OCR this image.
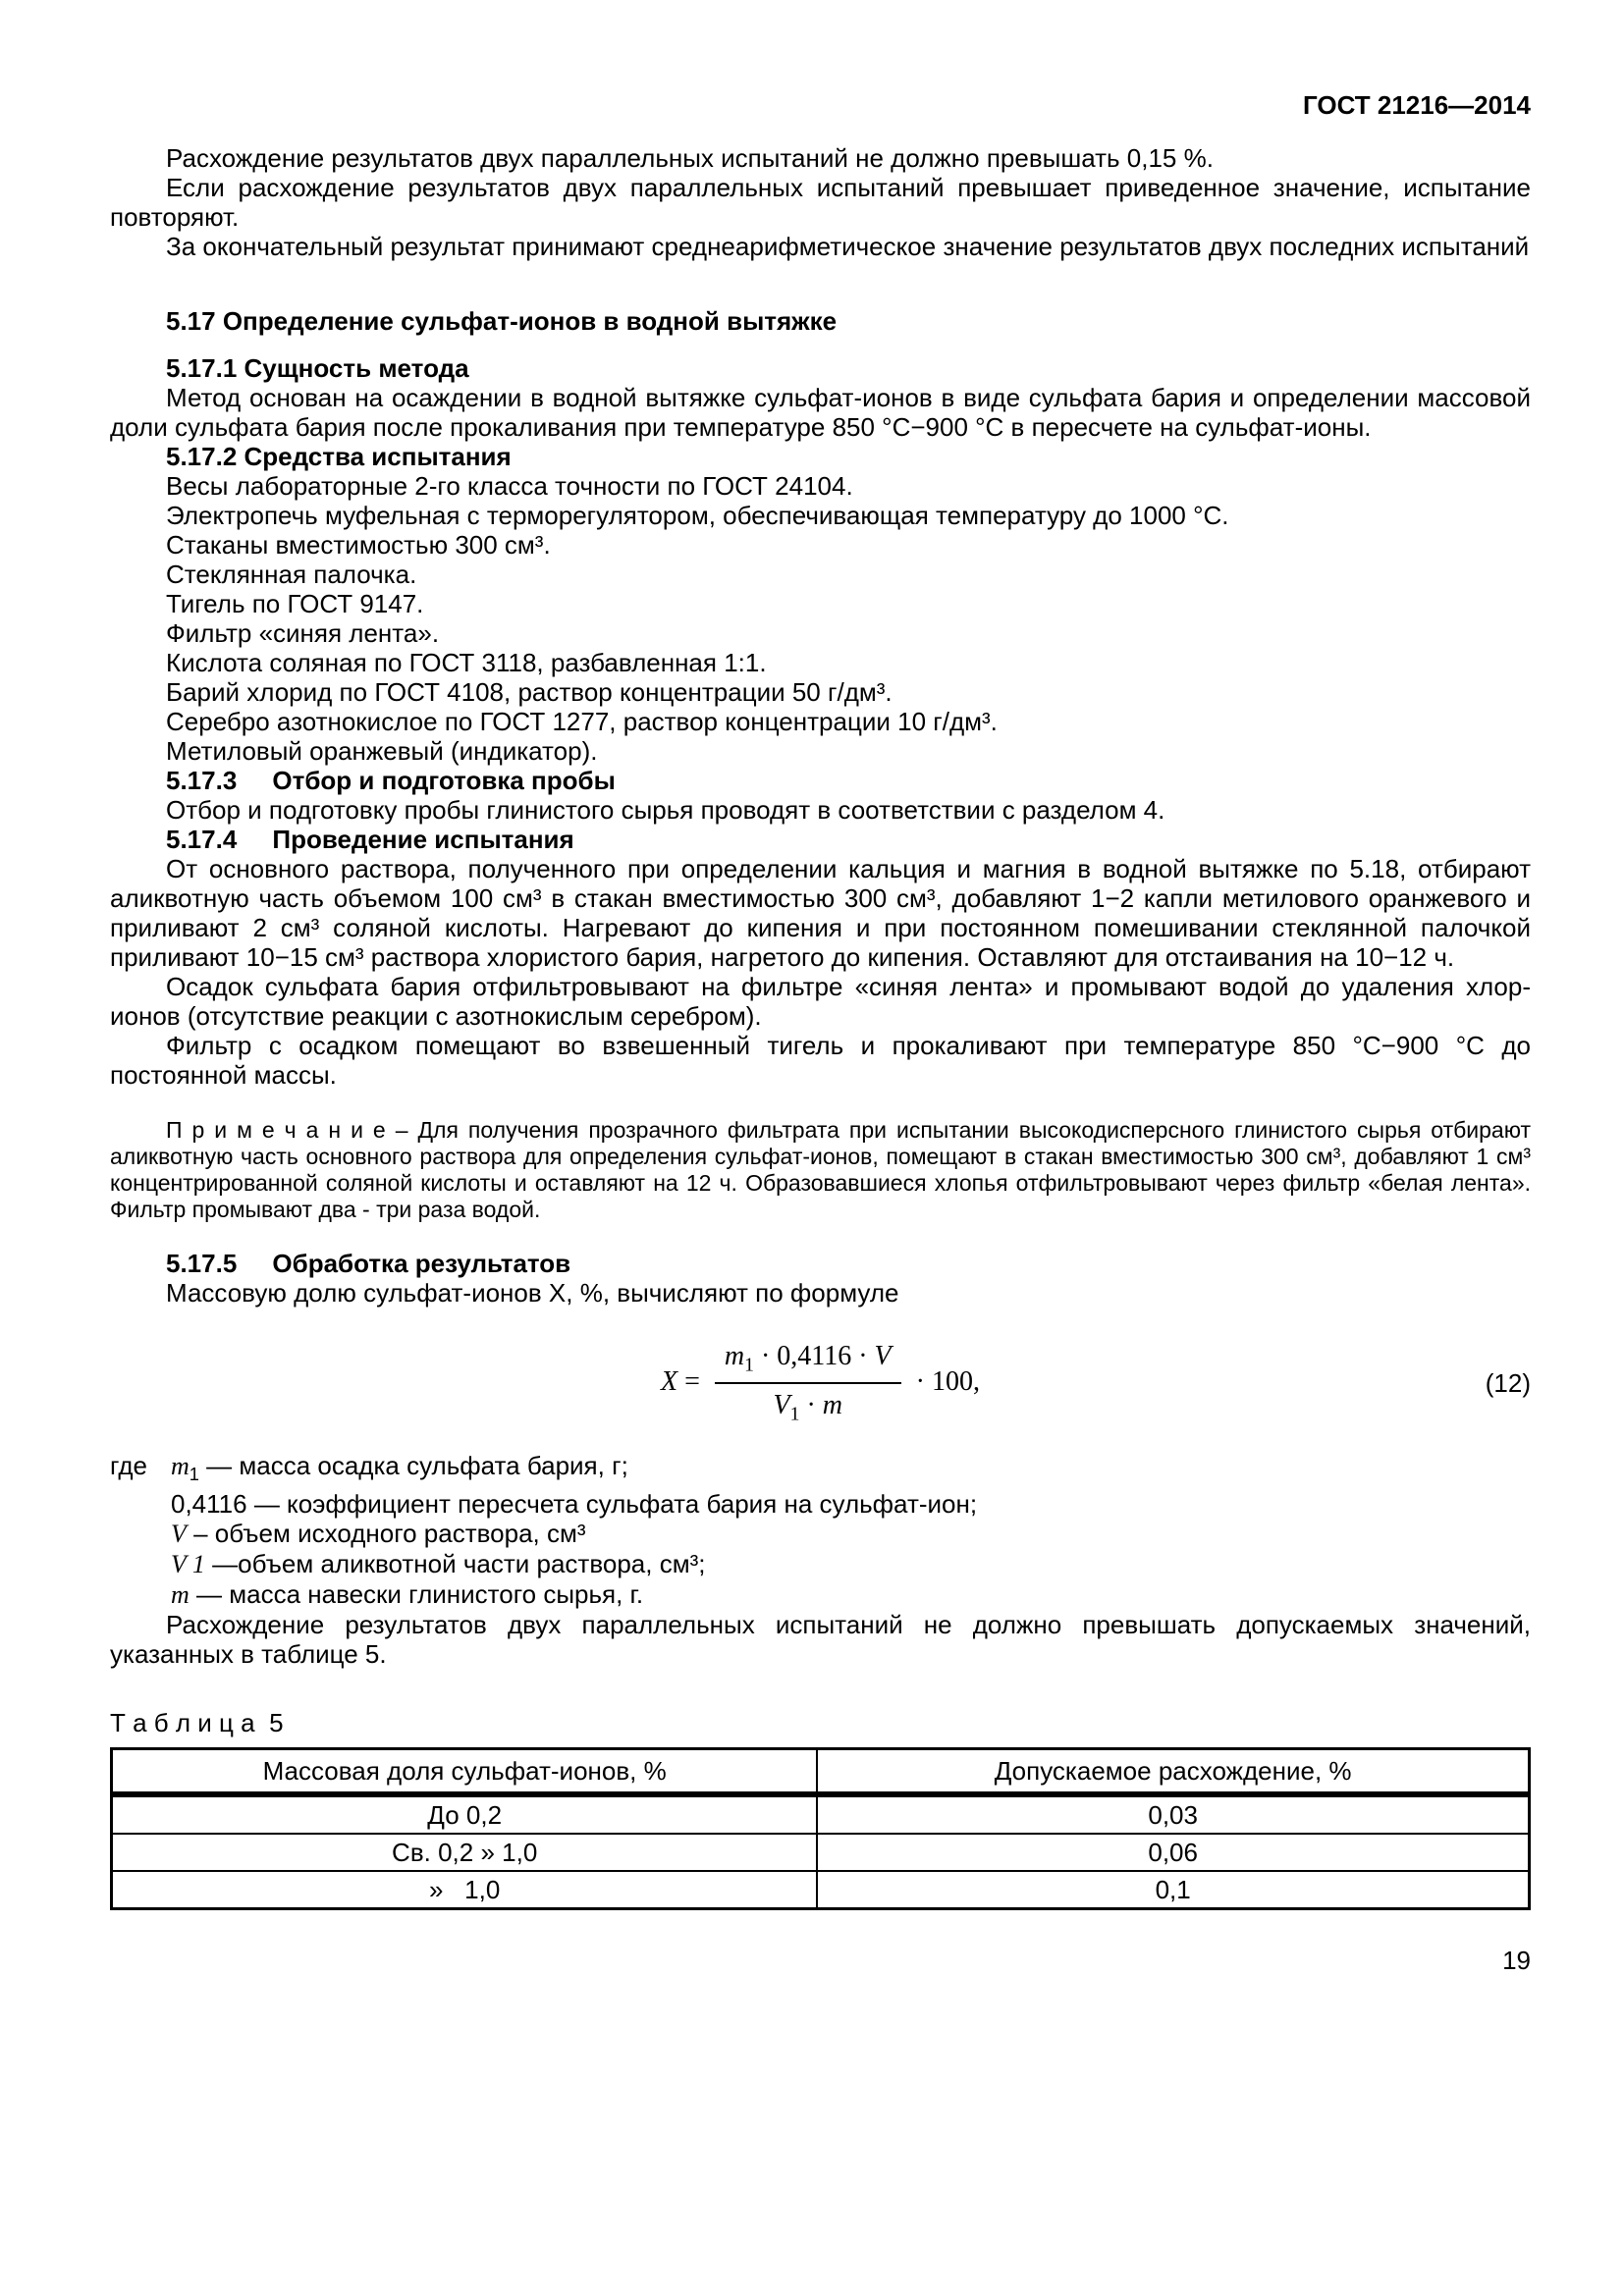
ГОСТ 21216—2014
Расхождение результатов двух параллельных испытаний не должно превышать 0,15 %.
Если расхождение результатов двух параллельных испытаний превышает приведенное значение, испытание повторяют.
За окончательный результат принимают среднеарифметическое значение результатов двух последних испытаний
5.17 Определение сульфат-ионов в водной вытяжке
5.17.1 Сущность метода
Метод основан на осаждении в водной вытяжке сульфат-ионов в виде сульфата бария и определении массовой доли сульфата бария после прокаливания при температуре 850 °С−900 °С в пересчете на сульфат-ионы.
5.17.2 Средства испытания
Весы лабораторные 2-го класса точности по ГОСТ 24104.
Электропечь муфельная с терморегулятором, обеспечивающая температуру до 1000 °С.
Стаканы вместимостью 300 см³.
Стеклянная палочка.
Тигель по ГОСТ 9147.
Фильтр «синяя лента».
Кислота соляная по ГОСТ 3118, разбавленная 1:1.
Барий хлорид по ГОСТ 4108, раствор концентрации 50 г/дм³.
Серебро азотнокислое по ГОСТ 1277, раствор концентрации 10 г/дм³.
Метиловый оранжевый (индикатор).
5.17.3     Отбор и подготовка пробы
Отбор и подготовку пробы глинистого сырья проводят в соответствии с разделом 4.
5.17.4     Проведение испытания
От основного раствора, полученного при определении кальция и магния в водной вытяжке по 5.18, отбирают аликвотную часть объемом 100 см³ в стакан вместимостью 300 см³, добавляют 1−2 капли метилового оранжевого и приливают 2 см³ соляной кислоты. Нагревают до кипения и при постоянном помешивании стеклянной палочкой приливают 10−15 см³ раствора хлористого бария, нагретого до кипения. Оставляют для отстаивания на 10−12 ч.
Осадок сульфата бария отфильтровывают на фильтре «синяя лента» и промывают водой до удаления хлор-ионов (отсутствие реакции с азотнокислым серебром).
Фильтр с осадком помещают во взвешенный тигель и прокаливают при температуре 850 °С−900 °С до постоянной массы.
П р и м е ч а н и е – Для получения прозрачного фильтрата при испытании высокодисперсного глинистого сырья отбирают аликвотную часть основного раствора для определения сульфат-ионов, помещают в стакан вместимостью 300 см³, добавляют 1 см³ концентрированной соляной кислоты и оставляют на 12 ч. Образовавшиеся хлопья отфильтровывают через фильтр «белая лента». Фильтр промывают два - три раза водой.
5.17.5     Обработка результатов
Массовую долю сульфат-ионов X, %, вычисляют по формуле
$X = \frac{m_1 \cdot 0,4116 \cdot V}{V_1 \cdot m} \cdot 100$,	(12)
где $m_1$ — масса осадка сульфата бария, г;
0,4116 — коэффициент пересчета сульфата бария на сульфат-ион;
V – объем исходного раствора, см³
V 1 —объем аликвотной части раствора, см³;
m — масса навески глинистого сырья, г.
Расхождение результатов двух параллельных испытаний не должно превышать допускаемых значений, указанных в таблице 5.
Т а б л и ц а  5
Массовая доля сульфат-ионов, %	Допускаемое расхождение, %
До 0,2	0,03
Св. 0,2 » 1,0	0,06
»   1,0	0,1
19
